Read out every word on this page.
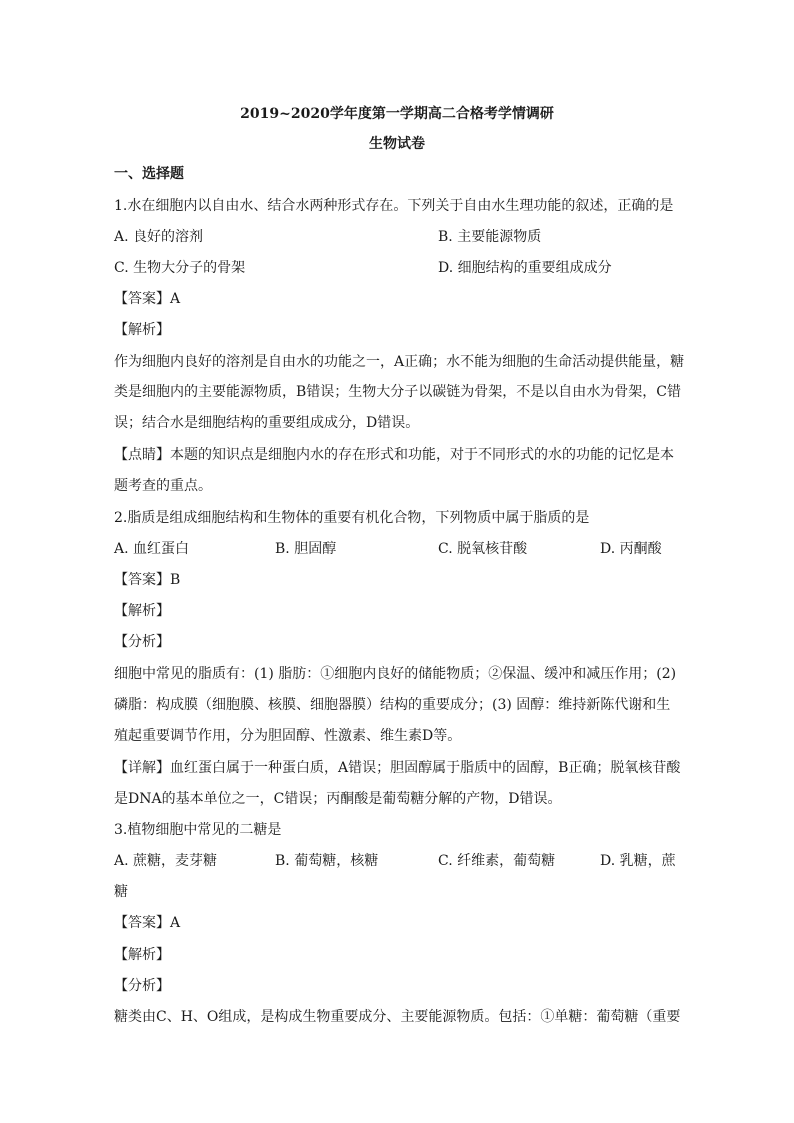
2019~2020学年度第一学期高二合格考学情调研
生物试卷
一、选择题
1.水在细胞内以自由水、结合水两种形式存在。下列关于自由水生理功能的叙述，正确的是
A. 良好的溶剂	B. 主要能源物质
C. 生物大分子的骨架	D. 细胞结构的重要组成成分
【答案】A
【解析】
作为细胞内良好的溶剂是自由水的功能之一，A正确；水不能为细胞的生命活动提供能量，糖
类是细胞内的主要能源物质，B错误；生物大分子以碳链为骨架，不是以自由水为骨架，C错
误；结合水是细胞结构的重要组成成分，D错误。
【点睛】本题的知识点是细胞内水的存在形式和功能，对于不同形式的水的功能的记忆是本
题考查的重点。
2.脂质是组成细胞结构和生物体的重要有机化合物，下列物质中属于脂质的是
A. 血红蛋白	B. 胆固醇	C. 脱氧核苷酸	D. 丙酮酸
【答案】B
【解析】
【分析】
细胞中常见的脂质有：(1) 脂肪：①细胞内良好的储能物质；②保温、缓冲和减压作用；(2)
磷脂：构成膜（细胞膜、核膜、细胞器膜）结构的重要成分；(3) 固醇：维持新陈代谢和生
殖起重要调节作用，分为胆固醇、性激素、维生素D等。
【详解】血红蛋白属于一种蛋白质，A错误；胆固醇属于脂质中的固醇，B正确；脱氧核苷酸
是DNA的基本单位之一，C错误；丙酮酸是葡萄糖分解的产物，D错误。
3.植物细胞中常见的二糖是
A. 蔗糖，麦芽糖	B. 葡萄糖，核糖	C. 纤维素，葡萄糖	D. 乳糖，蔗
糖
【答案】A
【解析】
【分析】
糖类由C、H、O组成，是构成生物重要成分、主要能源物质。包括：①单糖：葡萄糖（重要
